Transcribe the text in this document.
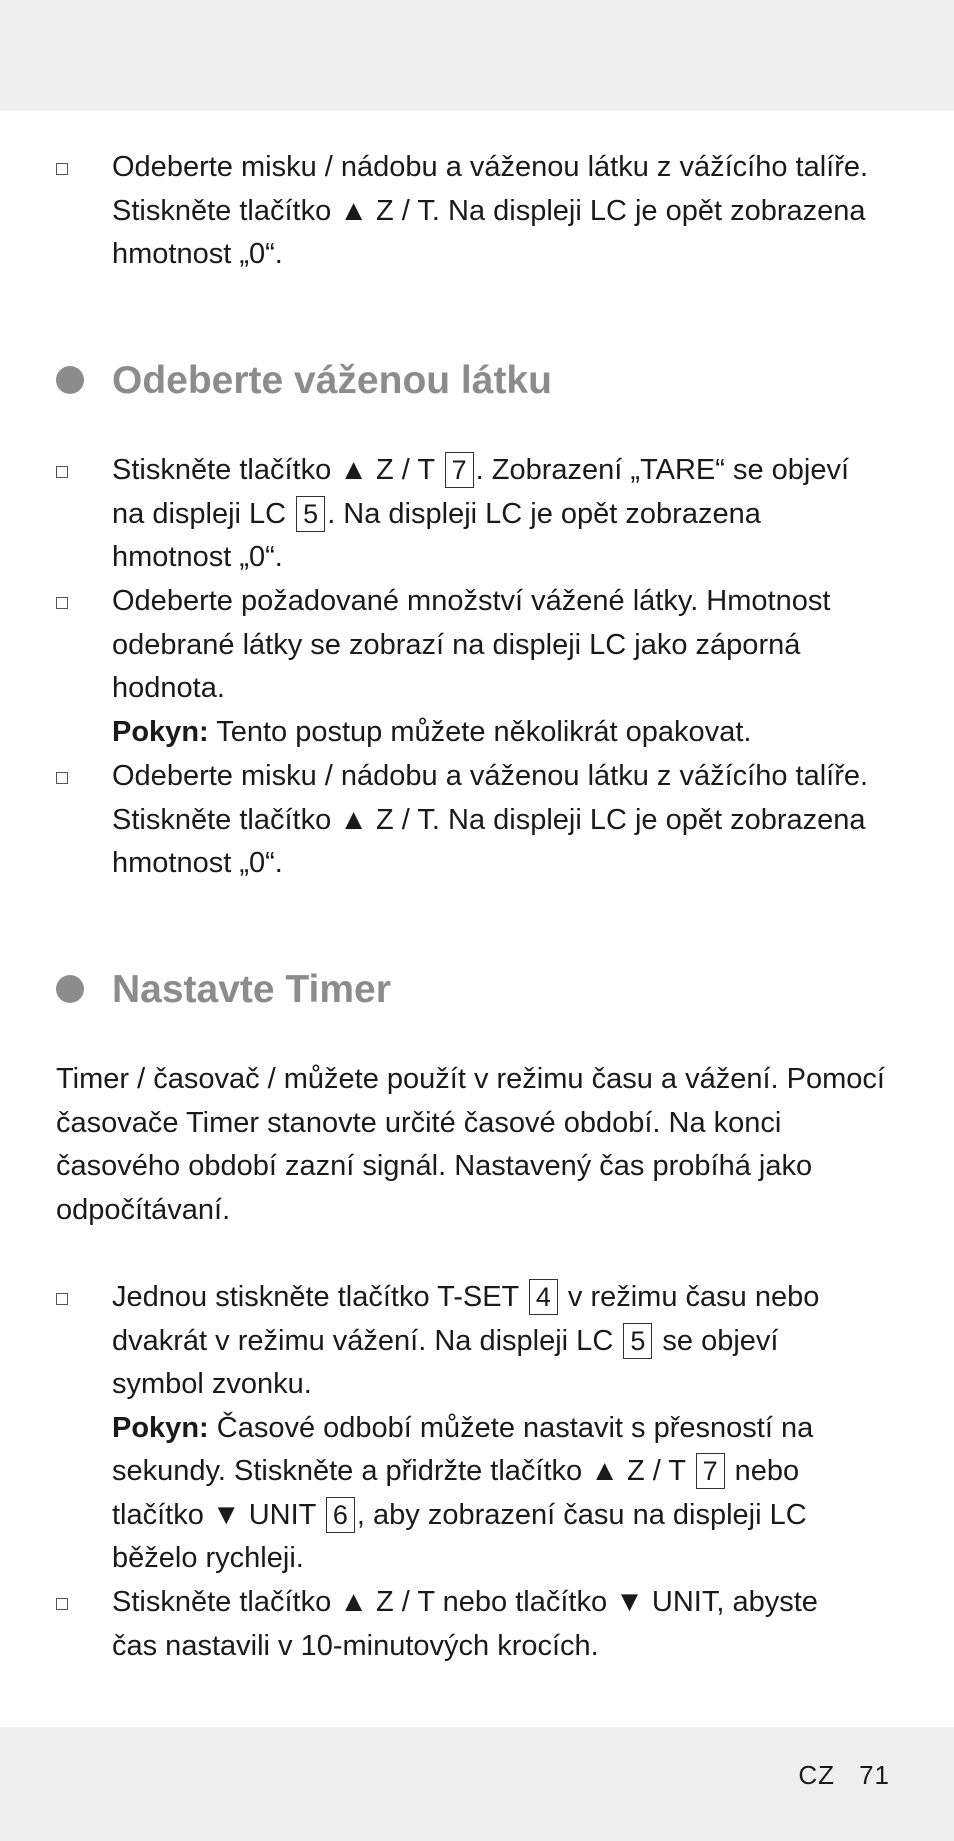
Odeberte misku / nádobu a váženou látku z vážícího talíře.
Stiskněte tlačítko ▲ Z / T. Na displeji LC je opět zobrazena
hmotnost „0“.
Odeberte váženou látku
Stiskněte tlačítko ▲ Z / T 7 . Zobrazení „TARE“ se objeví
na displeji LC 5 . Na displeji LC je opět zobrazena
hmotnost „0“.
Odeberte požadované množství vážené látky. Hmotnost
odebrané látky se zobrazí na displeji LC jako záporná
hodnota.
Pokyn: Tento postup můžete několikrát opakovat.
Odeberte misku / nádobu a váženou látku z vážícího talíře.
Stiskněte tlačítko ▲ Z / T. Na displeji LC je opět zobrazena
hmotnost „0“.
Nastavte Timer
Timer / časovač / můžete použít v režimu času a vážení. Pomocí
časovače Timer stanovte určité časové období. Na konci
časového období zazní signál. Nastavený čas probíhá jako
odpočítávaní.
Jednou stiskněte tlačítko T-SET 4 v režimu času nebo
dvakrát v režimu vážení. Na displeji LC 5 se objeví
symbol zvonku.
Pokyn: Časové odbobí můžete nastavit s přesností na
sekundy. Stiskněte a přidržte tlačítko ▲ Z / T 7 nebo
tlačítko ▼ UNIT 6 , aby zobrazení času na displeji LC
běželo rychleji.
Stiskněte tlačítko ▲ Z / T nebo tlačítko ▼ UNIT, abyste
čas nastavili v 10-minutových krocích.
CZ 71
